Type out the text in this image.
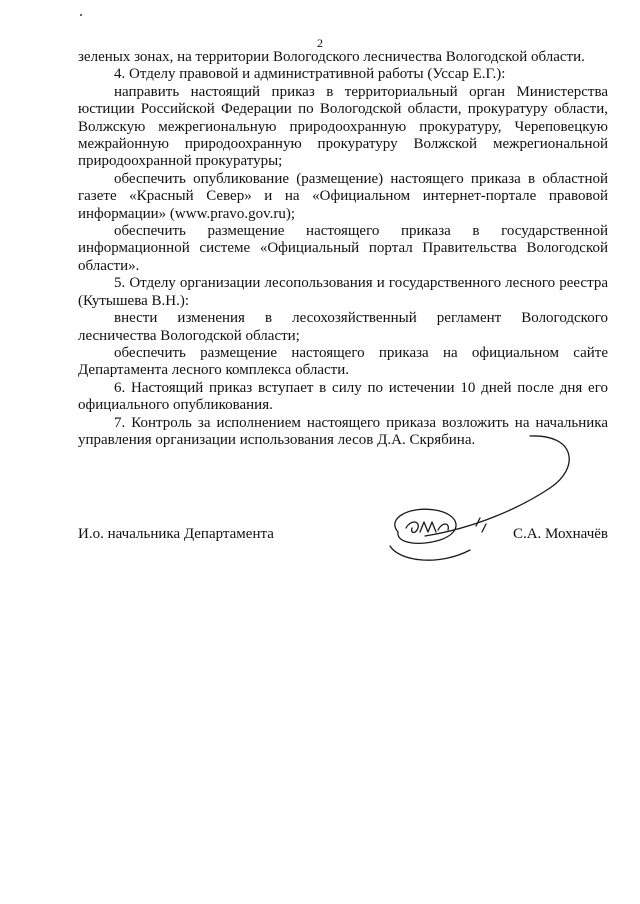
2

зеленых зонах, на территории Вологодского лесничества Вологодской области.

4. Отделу правовой и административной работы (Уссар Е.Г.):

направить настоящий приказ в территориальный орган Министерства юстиции Российской Федерации по Вологодской области, прокуратуру области, Волжскую межрегиональную природоохранную прокуратуру, Череповецкую межрайонную природоохранную прокуратуру Волжской межрегиональной природоохранной прокуратуры;

обеспечить опубликование (размещение) настоящего приказа в областной газете «Красный Север» и на «Официальном интернет-портале правовой информации» (www.pravo.gov.ru);

обеспечить размещение настоящего приказа в государственной информационной системе «Официальный портал Правительства Вологодской области».

5. Отделу организации лесопользования и государственного лесного реестра (Кутышева В.Н.):

внести изменения в лесохозяйственный регламент Вологодского лесничества Вологодской области;

обеспечить размещение настоящего приказа на официальном сайте Департамента лесного комплекса области.

6. Настоящий приказ вступает в силу по истечении 10 дней после дня его официального опубликования.

7. Контроль за исполнением настоящего приказа возложить на начальника управления организации использования лесов Д.А. Скрябина.

И.о. начальника Департамента	С.А. Мохначёв
